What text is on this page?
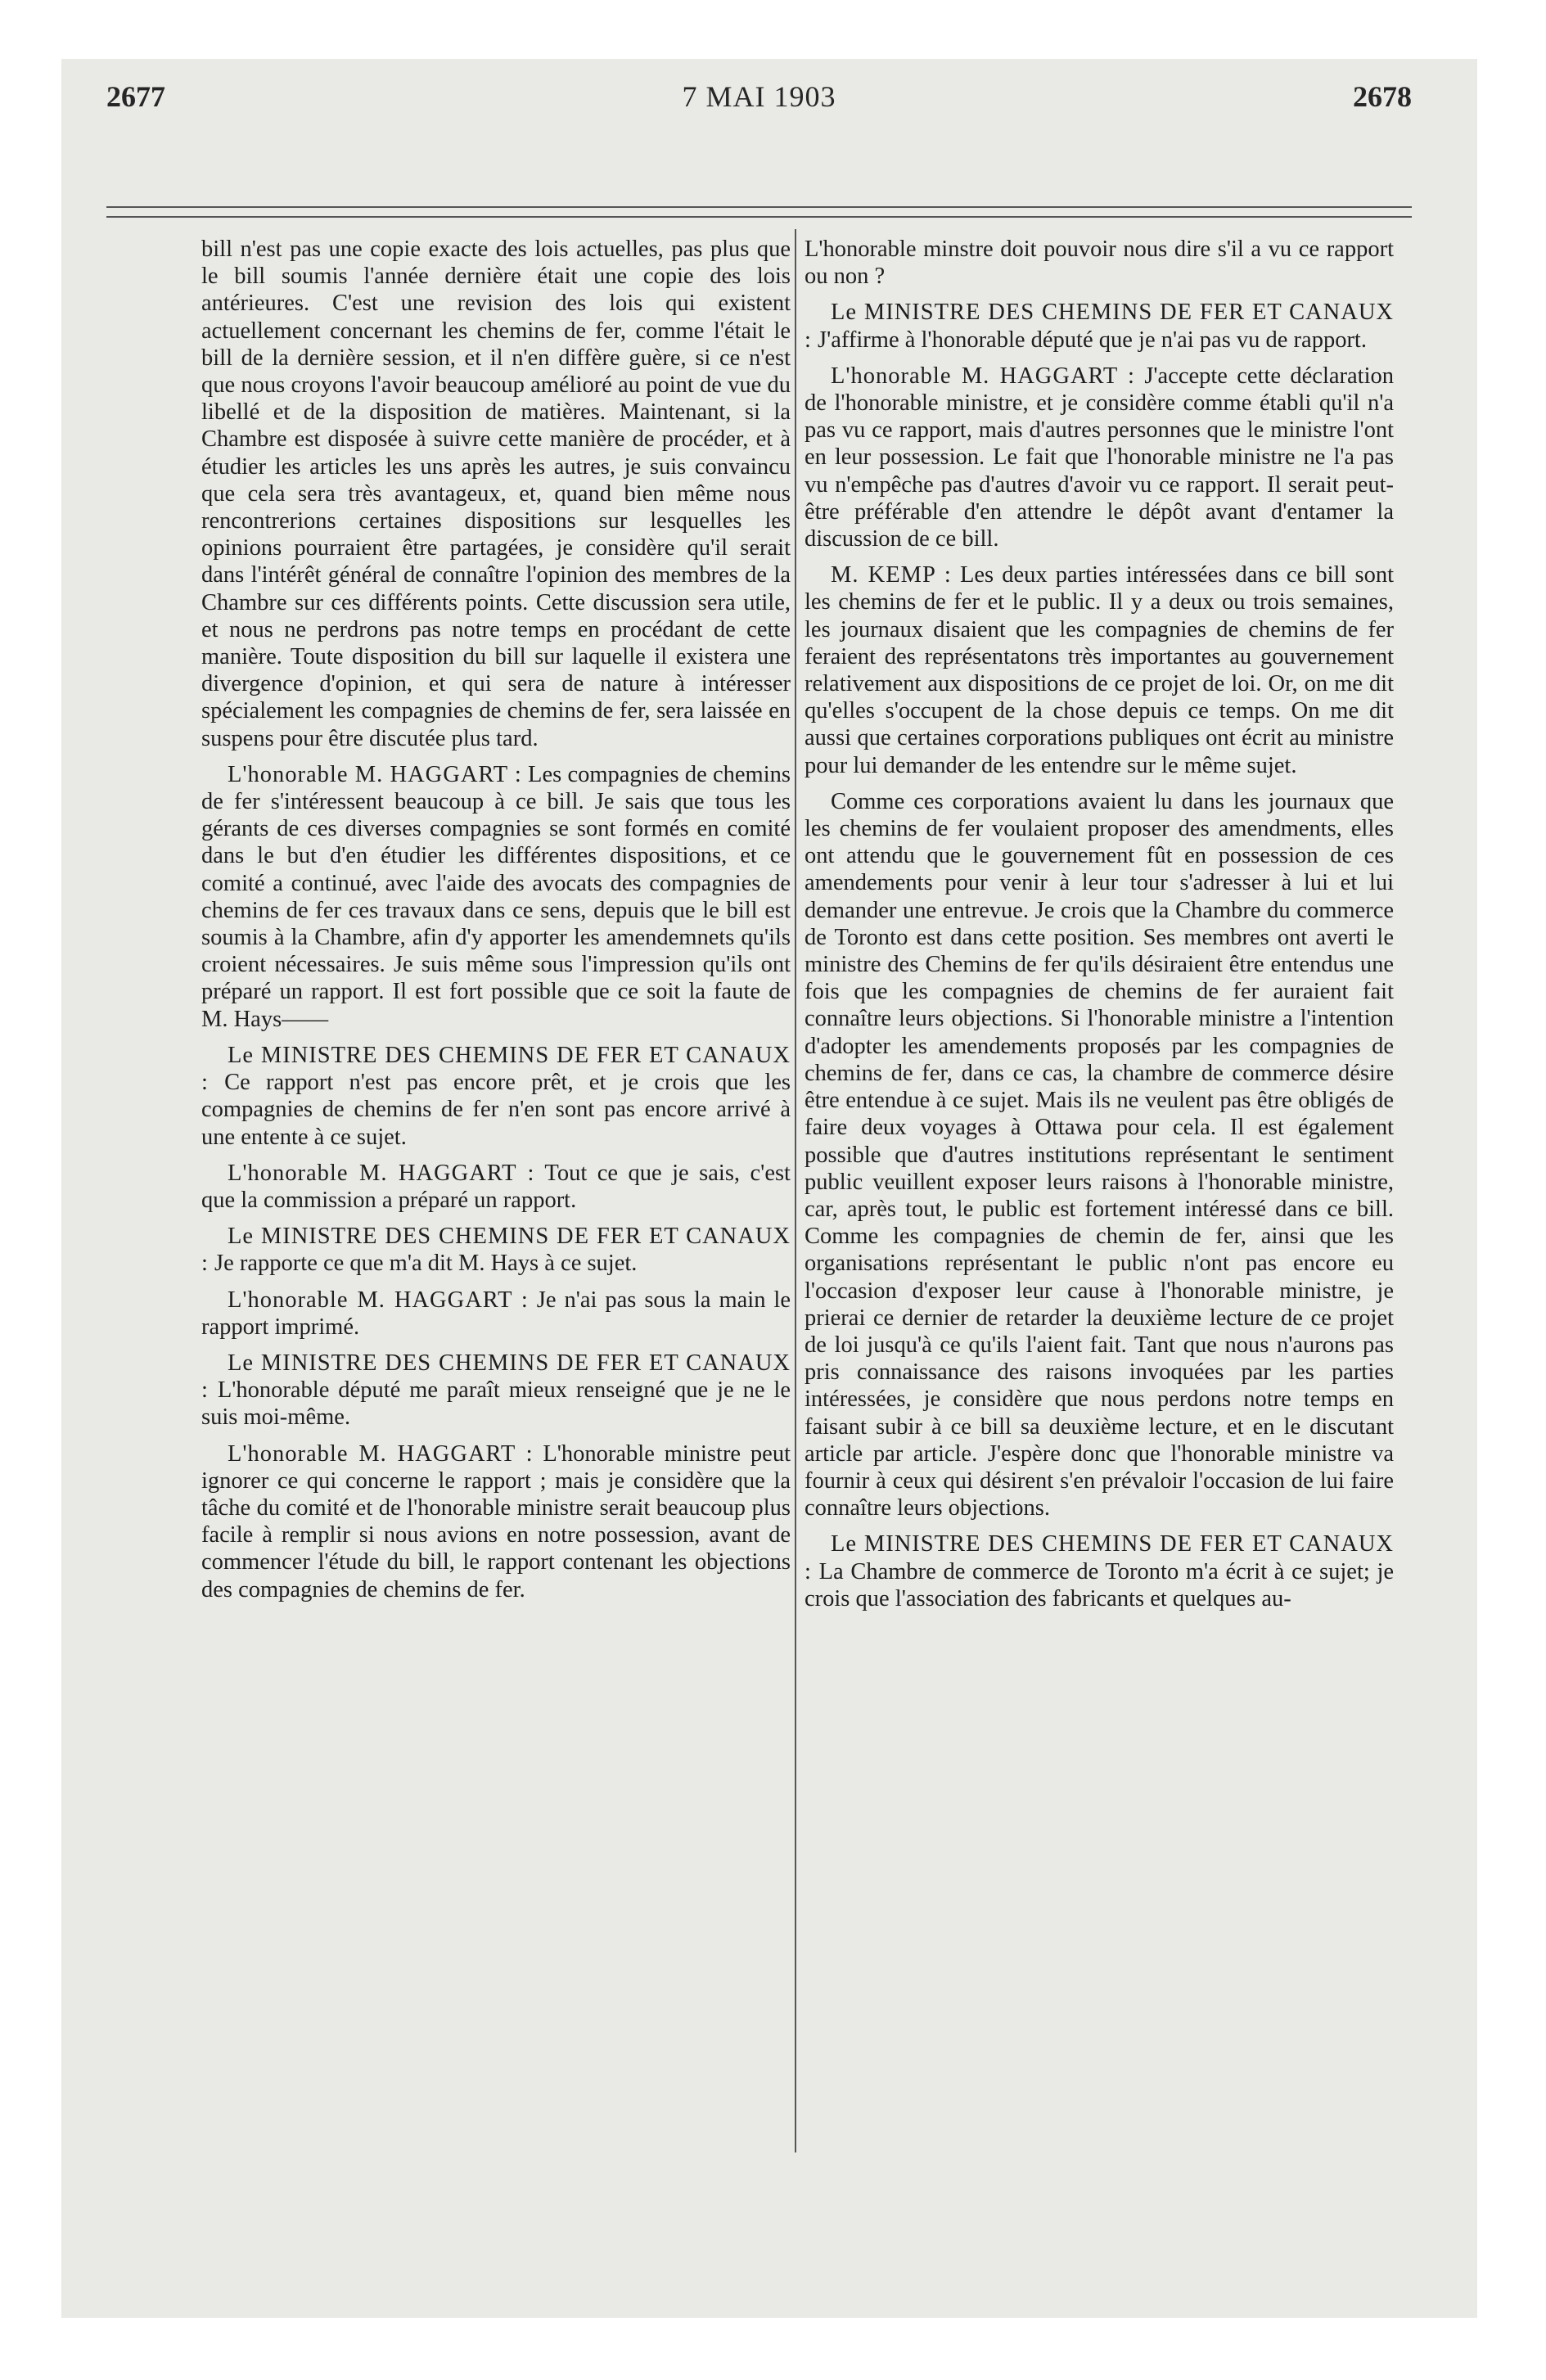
2677	7 MAI 1903	2678

bill n'est pas une copie exacte des lois actuelles, pas plus que le bill soumis l'année dernière était une copie des lois antérieures. C'est une revision des lois qui existent actuellement concernant les chemins de fer, comme l'était le bill de la dernière session, et il n'en diffère guère, si ce n'est que nous croyons l'avoir beaucoup amélioré au point de vue du libellé et de la disposition de matières. Maintenant, si la Chambre est disposée à suivre cette manière de procéder, et à étudier les articles les uns après les autres, je suis convaincu que cela sera très avantageux, et, quand bien même nous rencontrerions certaines dispositions sur lesquelles les opinions pourraient être partagées, je considère qu'il serait dans l'intérêt général de connaître l'opinion des membres de la Chambre sur ces différents points. Cette discussion sera utile, et nous ne perdrons pas notre temps en procédant de cette manière. Toute disposition du bill sur laquelle il existera une divergence d'opinion, et qui sera de nature à intéresser spécialement les compagnies de chemins de fer, sera laissée en suspens pour être discutée plus tard.

L'honorable M. HAGGART : Les compagnies de chemins de fer s'intéressent beaucoup à ce bill. Je sais que tous les gérants de ces diverses compagnies se sont formés en comité dans le but d'en étudier les différentes dispositions, et ce comité a continué, avec l'aide des avocats des compagnies de chemins de fer ces travaux dans ce sens, depuis que le bill est soumis à la Chambre, afin d'y apporter les amendemnets qu'ils croient nécessaires. Je suis même sous l'impression qu'ils ont préparé un rapport. Il est fort possible que ce soit la faute de M. Hays——

Le MINISTRE DES CHEMINS DE FER ET CANAUX : Ce rapport n'est pas encore prêt, et je crois que les compagnies de chemins de fer n'en sont pas encore arrivé à une entente à ce sujet.

L'honorable M. HAGGART : Tout ce que je sais, c'est que la commission a préparé un rapport.

Le MINISTRE DES CHEMINS DE FER ET CANAUX : Je rapporte ce que m'a dit M. Hays à ce sujet.

L'honorable M. HAGGART : Je n'ai pas sous la main le rapport imprimé.

Le MINISTRE DES CHEMINS DE FER ET CANAUX : L'honorable député me paraît mieux renseigné que je ne le suis moi-même.

L'honorable M. HAGGART : L'honorable ministre peut ignorer ce qui concerne le rapport ; mais je considère que la tâche du comité et de l'honorable ministre serait beaucoup plus facile à remplir si nous avions en notre possession, avant de commencer l'étude du bill, le rapport contenant les objections des compagnies de chemins de fer.

L'honorable minstre doit pouvoir nous dire s'il a vu ce rapport ou non ?

Le MINISTRE DES CHEMINS DE FER ET CANAUX : J'affirme à l'honorable député que je n'ai pas vu de rapport.

L'honorable M. HAGGART : J'accepte cette déclaration de l'honorable ministre, et je considère comme établi qu'il n'a pas vu ce rapport, mais d'autres personnes que le ministre l'ont en leur possession. Le fait que l'honorable ministre ne l'a pas vu n'empêche pas d'autres d'avoir vu ce rapport. Il serait peut-être préférable d'en attendre le dépôt avant d'entamer la discussion de ce bill.

M. KEMP : Les deux parties intéressées dans ce bill sont les chemins de fer et le public. Il y a deux ou trois semaines, les journaux disaient que les compagnies de chemins de fer feraient des représentatons très importantes au gouvernement relativement aux dispositions de ce projet de loi. Or, on me dit qu'elles s'occupent de la chose depuis ce temps. On me dit aussi que certaines corporations publiques ont écrit au ministre pour lui demander de les entendre sur le même sujet.

Comme ces corporations avaient lu dans les journaux que les chemins de fer voulaient proposer des amendments, elles ont attendu que le gouvernement fût en possession de ces amendements pour venir à leur tour s'adresser à lui et lui demander une entrevue. Je crois que la Chambre du commerce de Toronto est dans cette position. Ses membres ont averti le ministre des Chemins de fer qu'ils désiraient être entendus une fois que les compagnies de chemins de fer auraient fait connaître leurs objections. Si l'honorable ministre a l'intention d'adopter les amendements proposés par les compagnies de chemins de fer, dans ce cas, la chambre de commerce désire être entendue à ce sujet. Mais ils ne veulent pas être obligés de faire deux voyages à Ottawa pour cela. Il est également possible que d'autres institutions représentant le sentiment public veuillent exposer leurs raisons à l'honorable ministre, car, après tout, le public est fortement intéressé dans ce bill. Comme les compagnies de chemin de fer, ainsi que les organisations représentant le public n'ont pas encore eu l'occasion d'exposer leur cause à l'honorable ministre, je prierai ce dernier de retarder la deuxième lecture de ce projet de loi jusqu'à ce qu'ils l'aient fait. Tant que nous n'aurons pas pris connaissance des raisons invoquées par les parties intéressées, je considère que nous perdons notre temps en faisant subir à ce bill sa deuxième lecture, et en le discutant article par article. J'espère donc que l'honorable ministre va fournir à ceux qui désirent s'en prévaloir l'occasion de lui faire connaître leurs objections.

Le MINISTRE DES CHEMINS DE FER ET CANAUX : La Chambre de commerce de Toronto m'a écrit à ce sujet; je crois que l'association des fabricants et quelques au-
